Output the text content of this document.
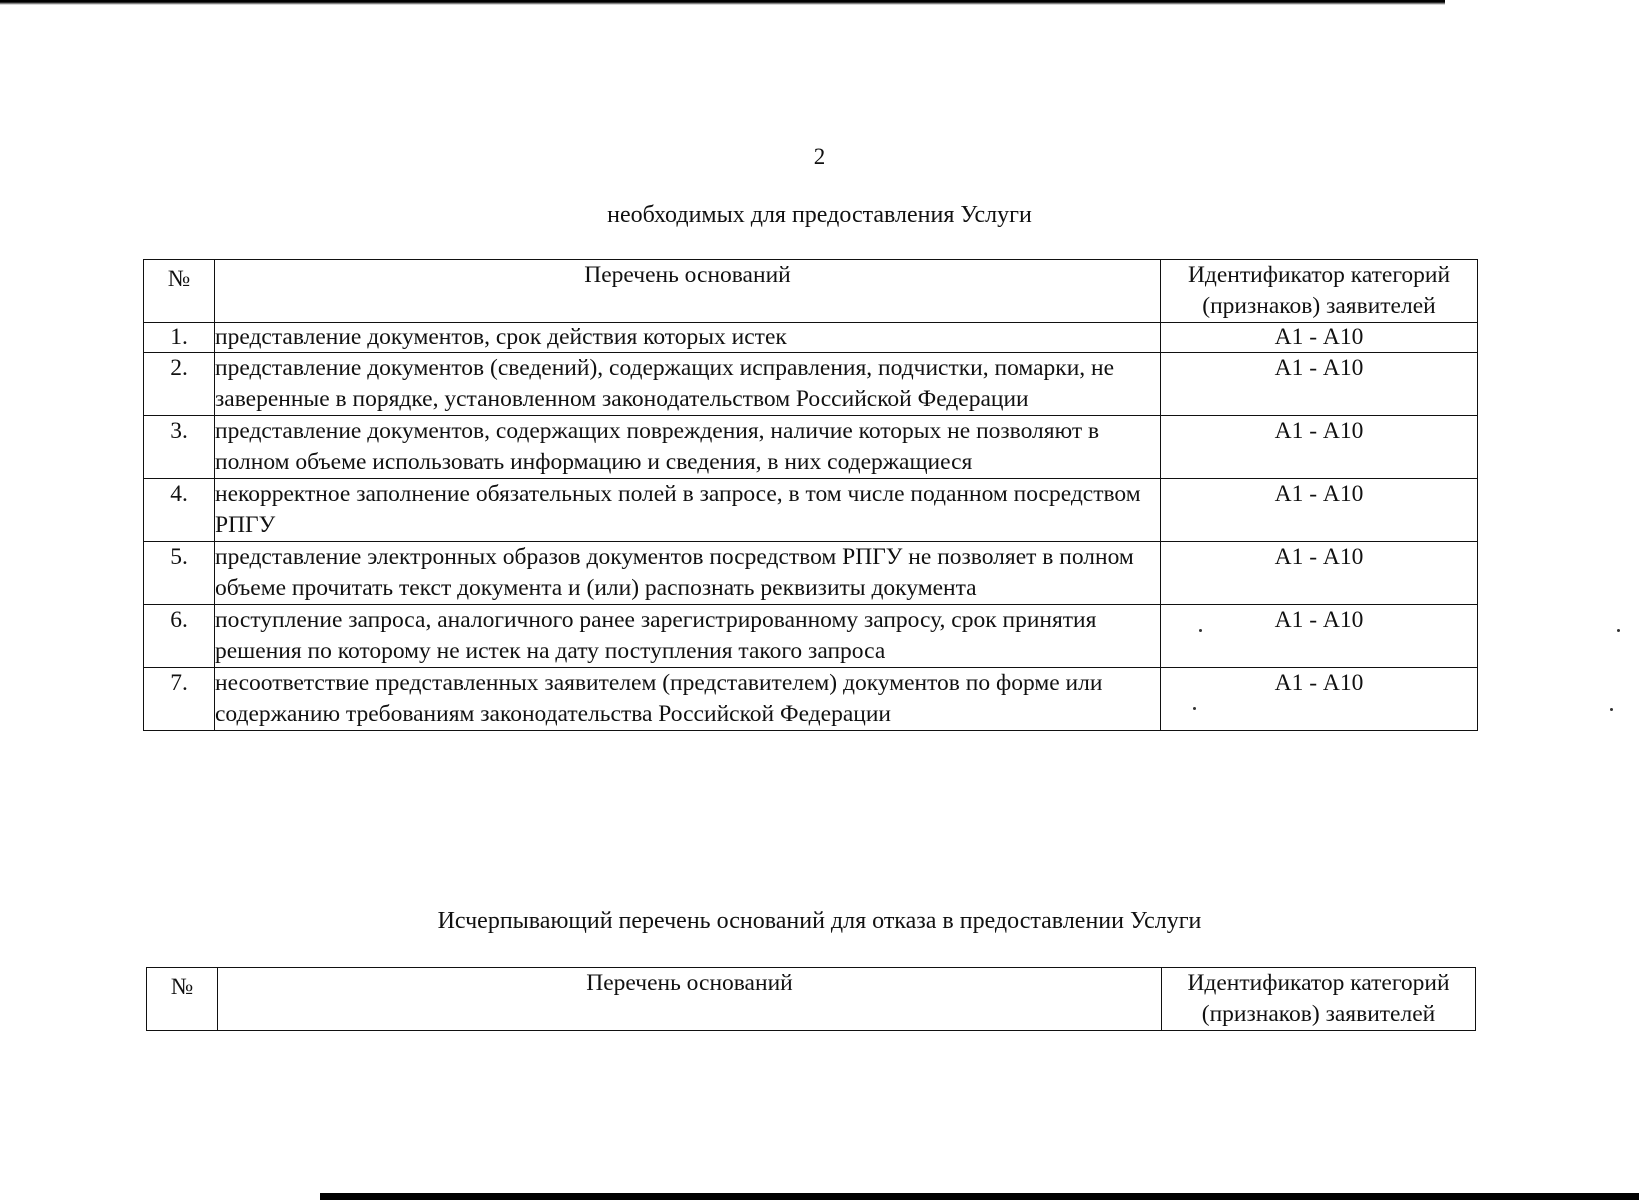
2
необходимых для предоставления Услуги
№	Перечень оснований	Идентификатор категорий (признаков) заявителей
1.	представление документов, срок действия которых истек	А1 - А10
2.	представление документов (сведений), содержащих исправления, подчистки, помарки, не заверенные в порядке, установленном законодательством Российской Федерации	А1 - А10
3.	представление документов, содержащих повреждения, наличие которых не позволяют в полном объеме использовать информацию и сведения, в них содержащиеся	А1 - А10
4.	некорректное заполнение обязательных полей в запросе, в том числе поданном посредством РПГУ	А1 - А10
5.	представление электронных образов документов посредством РПГУ не позволяет в полном объеме прочитать текст документа и (или) распознать реквизиты документа	А1 - А10
6.	поступление запроса, аналогичного ранее зарегистрированному запросу, срок принятия решения по которому не истек на дату поступления такого запроса	А1 - А10
7.	несоответствие представленных заявителем (представителем) документов по форме или содержанию требованиям законодательства Российской Федерации	А1 - А10
Исчерпывающий перечень оснований для отказа в предоставлении Услуги
№	Перечень оснований	Идентификатор категорий (признаков) заявителей
